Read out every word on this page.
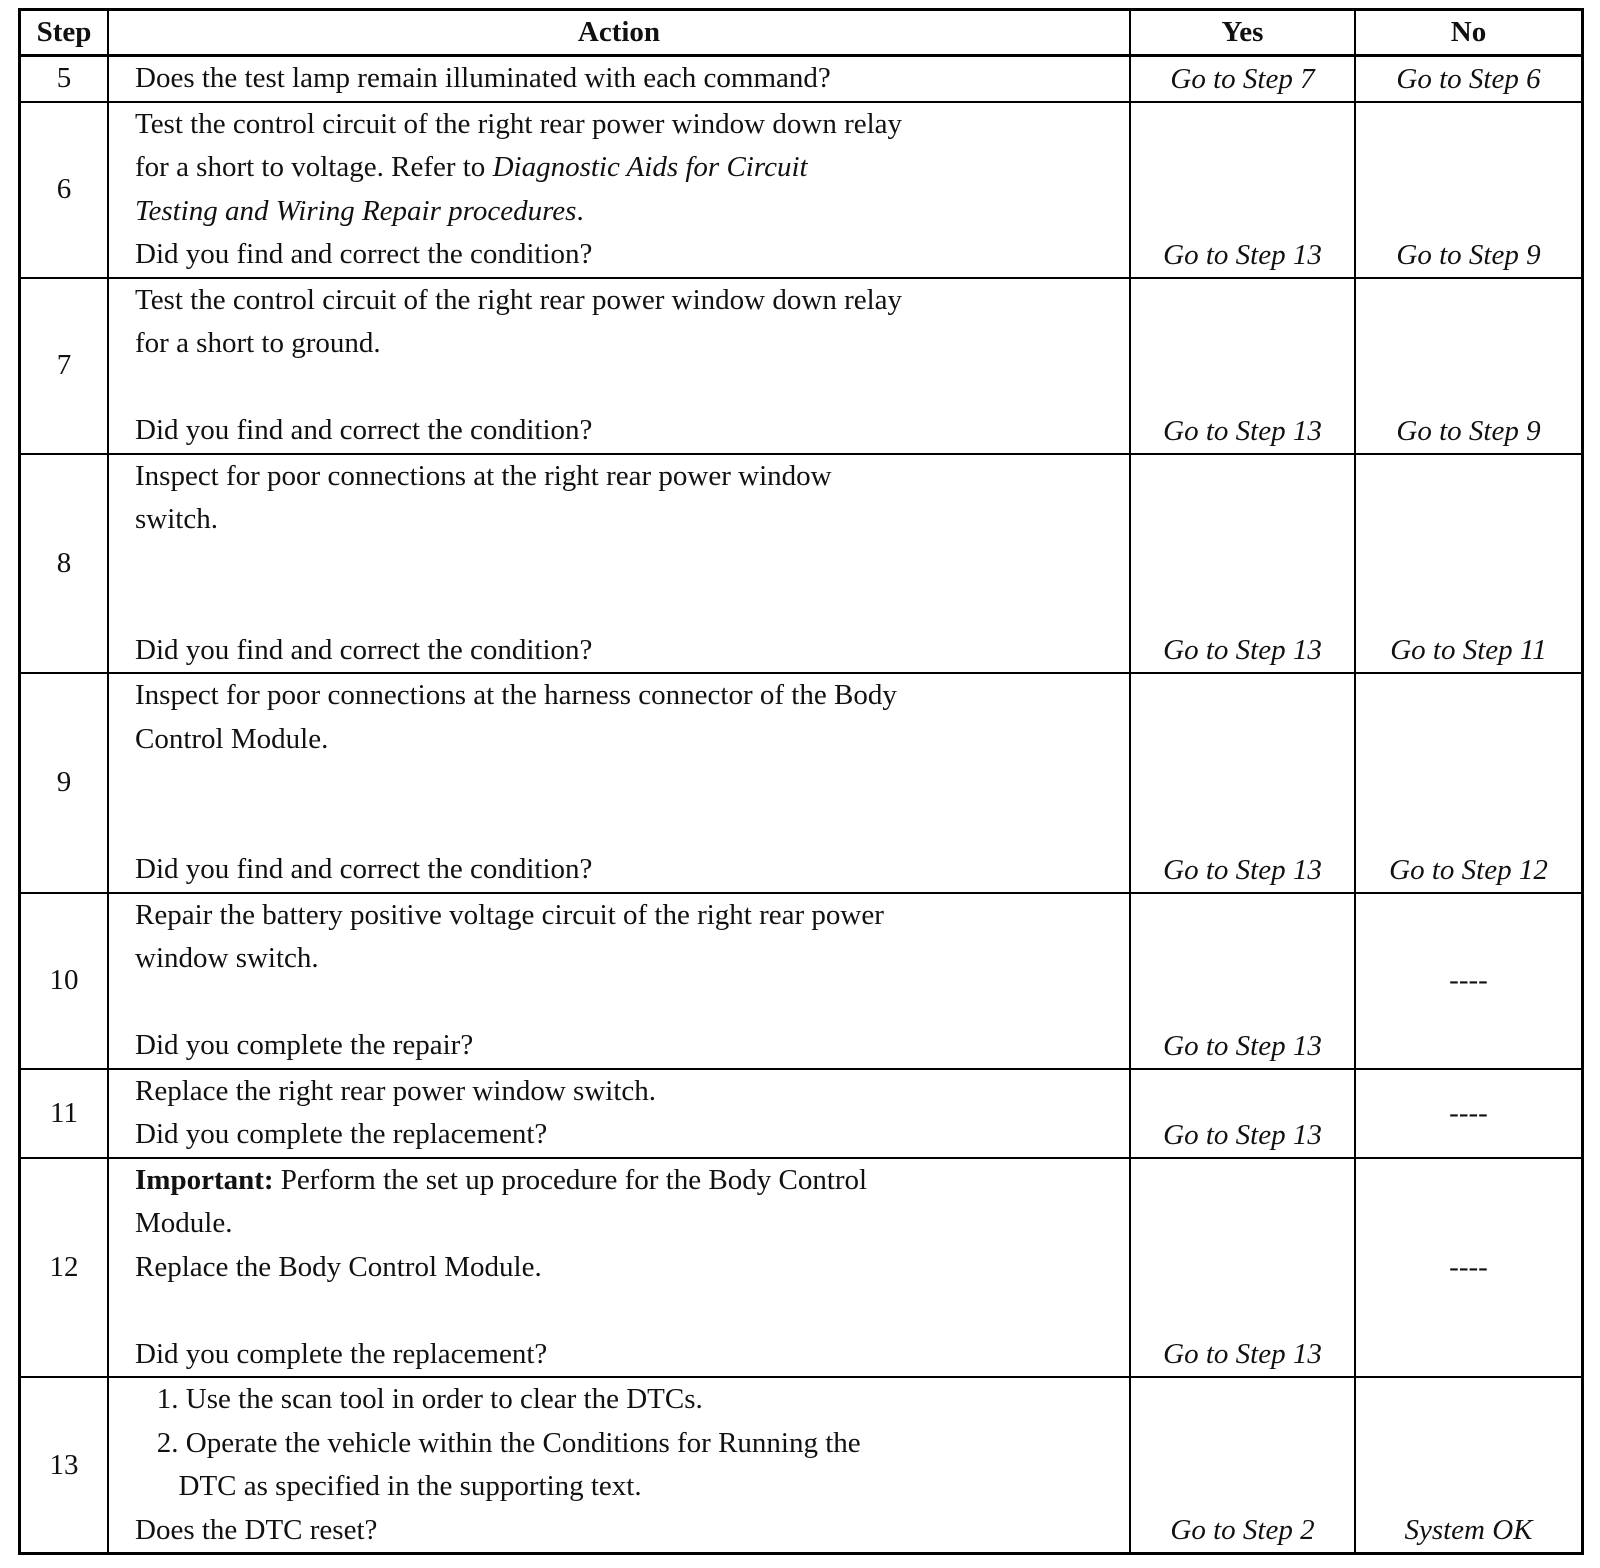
Step	Action	Yes	No
5	Does the test lamp remain illuminated with each command?	Go to Step 7	Go to Step 6

6	Test the control circuit of the right rear power window down relay
for a short to voltage. Refer to Diagnostic Aids for Circuit
Testing and Wiring Repair procedures.
Did you find and correct the condition?	Go to Step 13	Go to Step 9

7	Test the control circuit of the right rear power window down relay
for a short to ground.
Did you find and correct the condition?	Go to Step 13	Go to Step 9

8	Inspect for poor connections at the right rear power window
switch.
Did you find and correct the condition?	Go to Step 13	Go to Step 11

9	Inspect for poor connections at the harness connector of the Body
Control Module.
Did you find and correct the condition?	Go to Step 13	Go to Step 12

10	Repair the battery positive voltage circuit of the right rear power
window switch.
Did you complete the repair?	Go to Step 13	----

11	Replace the right rear power window switch.
Did you complete the replacement?	Go to Step 13	----

12	Important: Perform the set up procedure for the Body Control
Module.
Replace the Body Control Module.
Did you complete the replacement?	Go to Step 13	----

13	1. Use the scan tool in order to clear the DTCs.
2. Operate the vehicle within the Conditions for Running the
DTC as specified in the supporting text.
Does the DTC reset?	Go to Step 2	System OK
